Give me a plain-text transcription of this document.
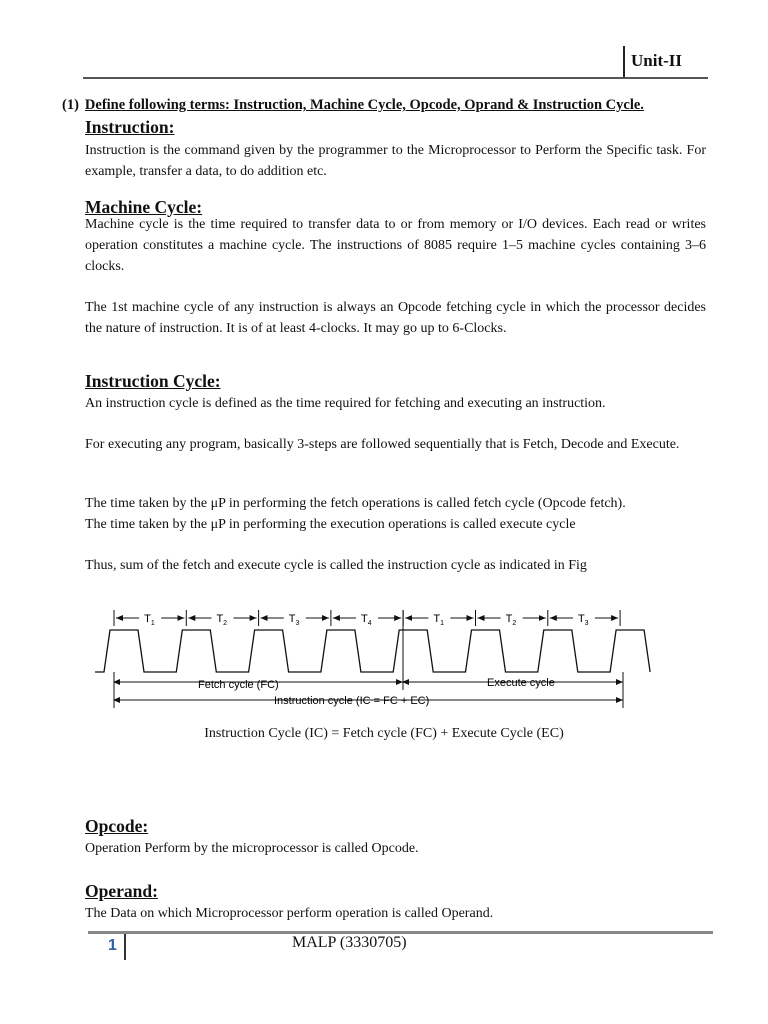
Unit-II
(1) Define following terms: Instruction, Machine Cycle, Opcode, Oprand & Instruction Cycle.
Instruction:
Instruction is the command given by the programmer to the Microprocessor to Perform the Specific task. For example, transfer a data, to do addition etc.
Machine Cycle:
Machine cycle is the time required to transfer data to or from memory or I/O devices. Each read or writes operation constitutes a machine cycle. The instructions of 8085 require 1–5 machine cycles containing 3–6 clocks.
The 1st machine cycle of any instruction is always an Opcode fetching cycle in which the processor decides the nature of instruction. It is of at least 4-clocks. It may go up to 6-Clocks.
Instruction Cycle:
An instruction cycle is defined as the time required for fetching and executing an instruction.
For executing any program, basically 3-steps are followed sequentially that is Fetch, Decode and Execute.
The time taken by the μP in performing the fetch operations is called fetch cycle (Opcode fetch).
The time taken by the μP in performing the execution operations is called execute cycle
Thus, sum of the fetch and execute cycle is called the instruction cycle as indicated in Fig
$T_1$	$T_2$	$T_3$	$T_4$	$T_1$	$T_2$	$T_3$
Fetch cycle (FC)	Execute cycle
Instruction cycle (IC = FC + EC)
Instruction Cycle (IC) = Fetch cycle (FC) + Execute Cycle (EC)
Opcode:
Operation Perform by the microprocessor is called Opcode.
Operand:
The Data on which Microprocessor perform operation is called Operand.
1	MALP (3330705)
